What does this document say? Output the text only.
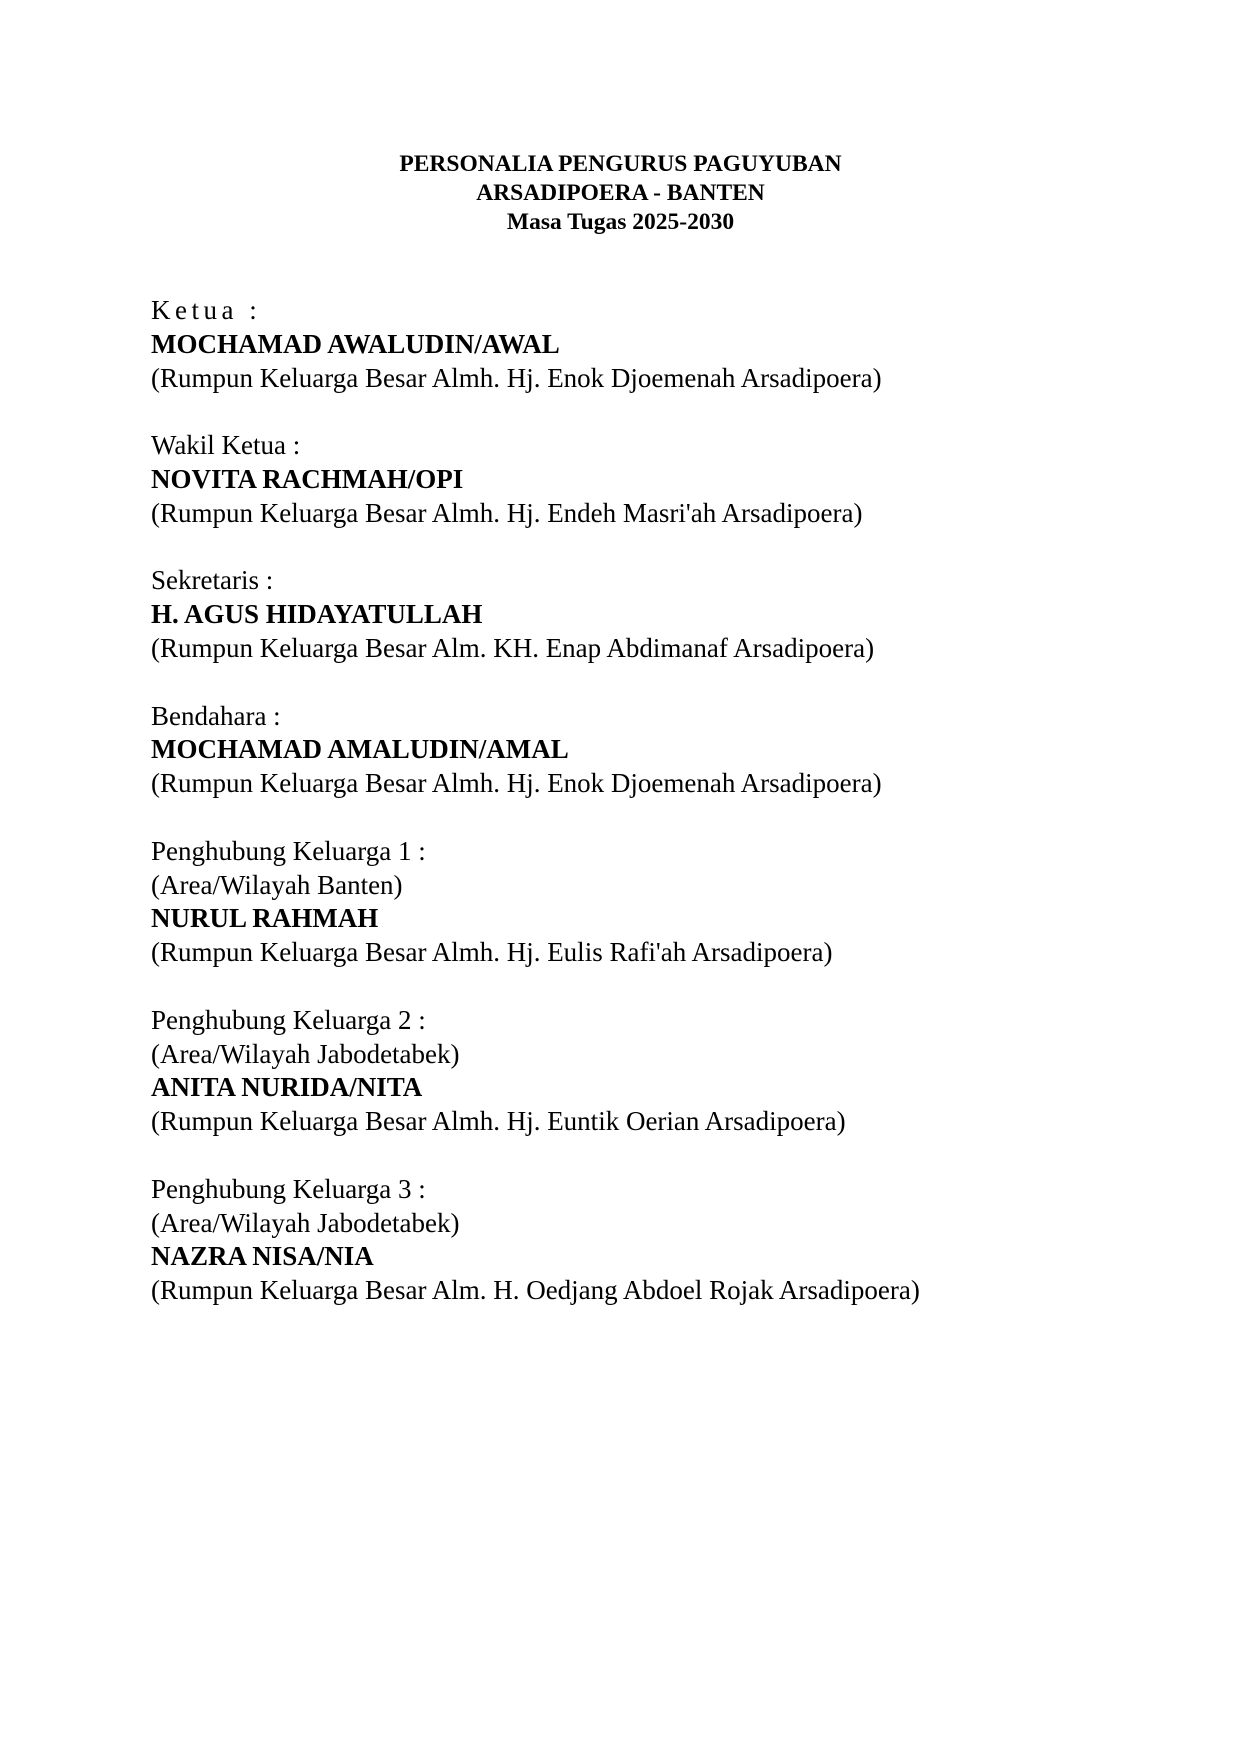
PERSONALIA PENGURUS PAGUYUBAN
ARSADIPOERA - BANTEN
Masa Tugas 2025-2030
Ketua :
MOCHAMAD AWALUDIN/AWAL
(Rumpun Keluarga Besar Almh. Hj. Enok Djoemenah Arsadipoera)
Wakil Ketua :
NOVITA RACHMAH/OPI
(Rumpun Keluarga Besar Almh. Hj. Endeh Masri'ah Arsadipoera)
Sekretaris :
H. AGUS HIDAYATULLAH
(Rumpun Keluarga Besar Alm. KH. Enap Abdimanaf Arsadipoera)
Bendahara :
MOCHAMAD AMALUDIN/AMAL
(Rumpun Keluarga Besar Almh. Hj. Enok Djoemenah Arsadipoera)
Penghubung Keluarga 1 :
(Area/Wilayah Banten)
NURUL RAHMAH
(Rumpun Keluarga Besar Almh. Hj. Eulis Rafi'ah Arsadipoera)
Penghubung Keluarga 2 :
(Area/Wilayah Jabodetabek)
ANITA NURIDA/NITA
(Rumpun Keluarga Besar Almh. Hj. Euntik Oerian Arsadipoera)
Penghubung Keluarga 3 :
(Area/Wilayah Jabodetabek)
NAZRA NISA/NIA
(Rumpun Keluarga Besar Alm. H. Oedjang Abdoel Rojak Arsadipoera)
